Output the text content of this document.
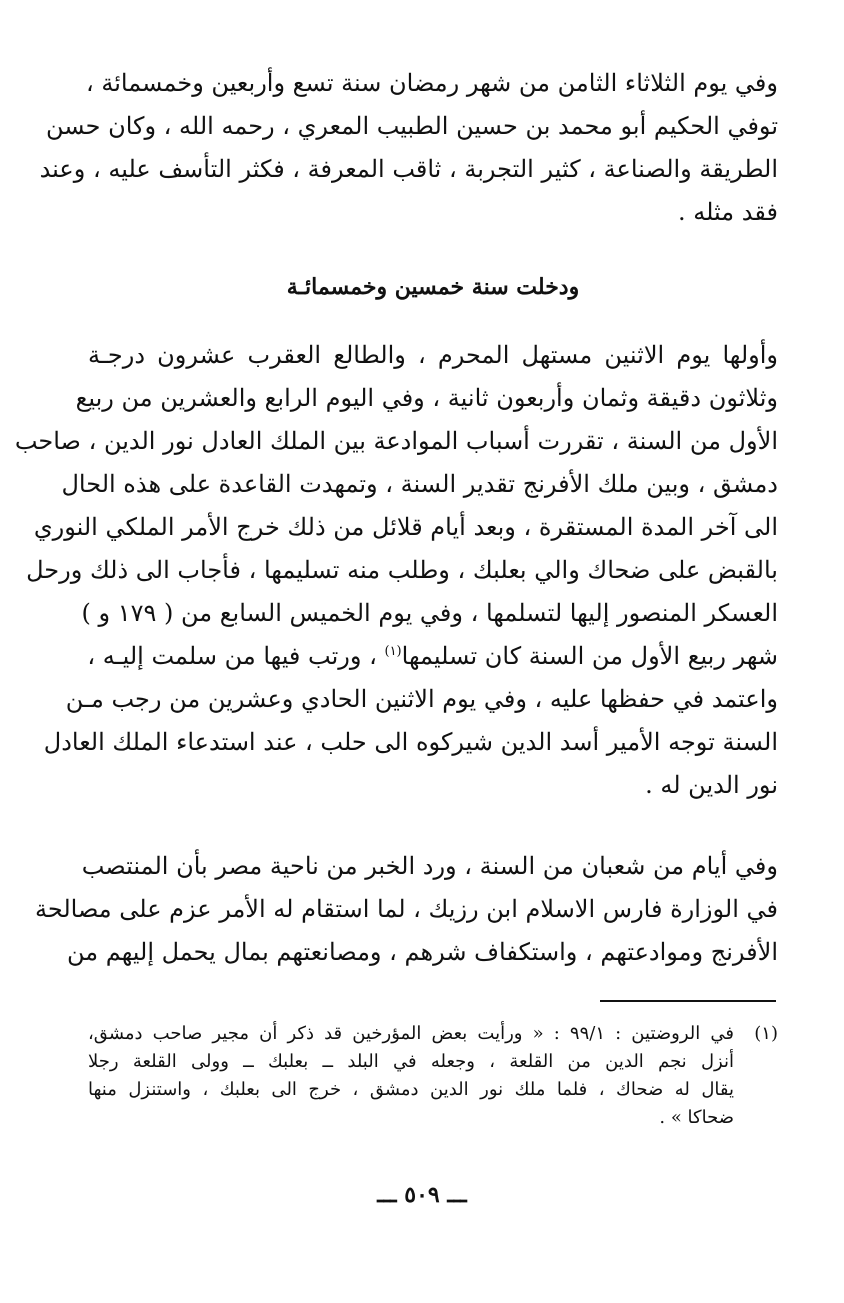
وفي يوم الثلاثاء الثامن من شهر رمضان سنة تسع وأربعين وخمسمائة ،
توفي الحكيم أبو محمد بن حسين الطبيب المعري ، رحمه الله ، وكان حسن
الطريقة والصناعة ، كثير التجربة ، ثاقب المعرفة ، فكثر التأسف عليه ، وعند
فقد مثله .
ودخلت سنة خمسين وخمسمائـة
وأولها يوم الاثنين مستهل المحرم ، والطالع العقرب عشرون درجـة
وثلاثون دقيقة وثمان وأربعون ثانية ، وفي اليوم الرابع والعشرين من ربيع
الأول من السنة ، تقررت أسباب الموادعة بين الملك العادل نور الدين ، صاحب
دمشق ، وبين ملك الأفرنج تقدير السنة ، وتمهدت القاعدة على هذه الحال
الى آخر المدة المستقرة ، وبعد أيام قلائل من ذلك خرج الأمر الملكي النوري
بالقبض على ضحاك والي بعلبك ، وطلب منه تسليمها ، فأجاب الى ذلك ورحل
العسكر المنصور إليها لتسلمها ، وفي يوم الخميس السابع من ( ١٧٩ و )
شهر ربيع الأول من السنة كان تسليمها$^{(١)}$ ، ورتب فيها من سلمت إليـه ،
واعتمد في حفظها عليه ، وفي يوم الاثنين الحادي وعشرين من رجب مـن
السنة توجه الأمير أسد الدين شيركوه الى حلب ، عند استدعاء الملك العادل
نور الدين له .
وفي أيام من شعبان من السنة ، ورد الخبر من ناحية مصر بأن المنتصب
في الوزارة فارس الاسلام ابن رزيك ، لما استقام له الأمر عزم على مصالحة
الأفرنج وموادعتهم ، واستكفاف شرهم ، ومصانعتهم بمال يحمل إليهم من
(١)
في الروضتين : ٩٩/١ : « ورأيت بعض المؤرخين قد ذكر أن مجير صاحب دمشق،
أنزل نجم الدين من القلعة ، وجعله في البلد ــ بعلبك ــ وولى القلعة رجلا
يقال له ضحاك ، فلما ملك نور الدين دمشق ، خرج الى بعلبك ، واستنزل منها
ضحاكا » .
ـــ ٥٠٩ ـــ
